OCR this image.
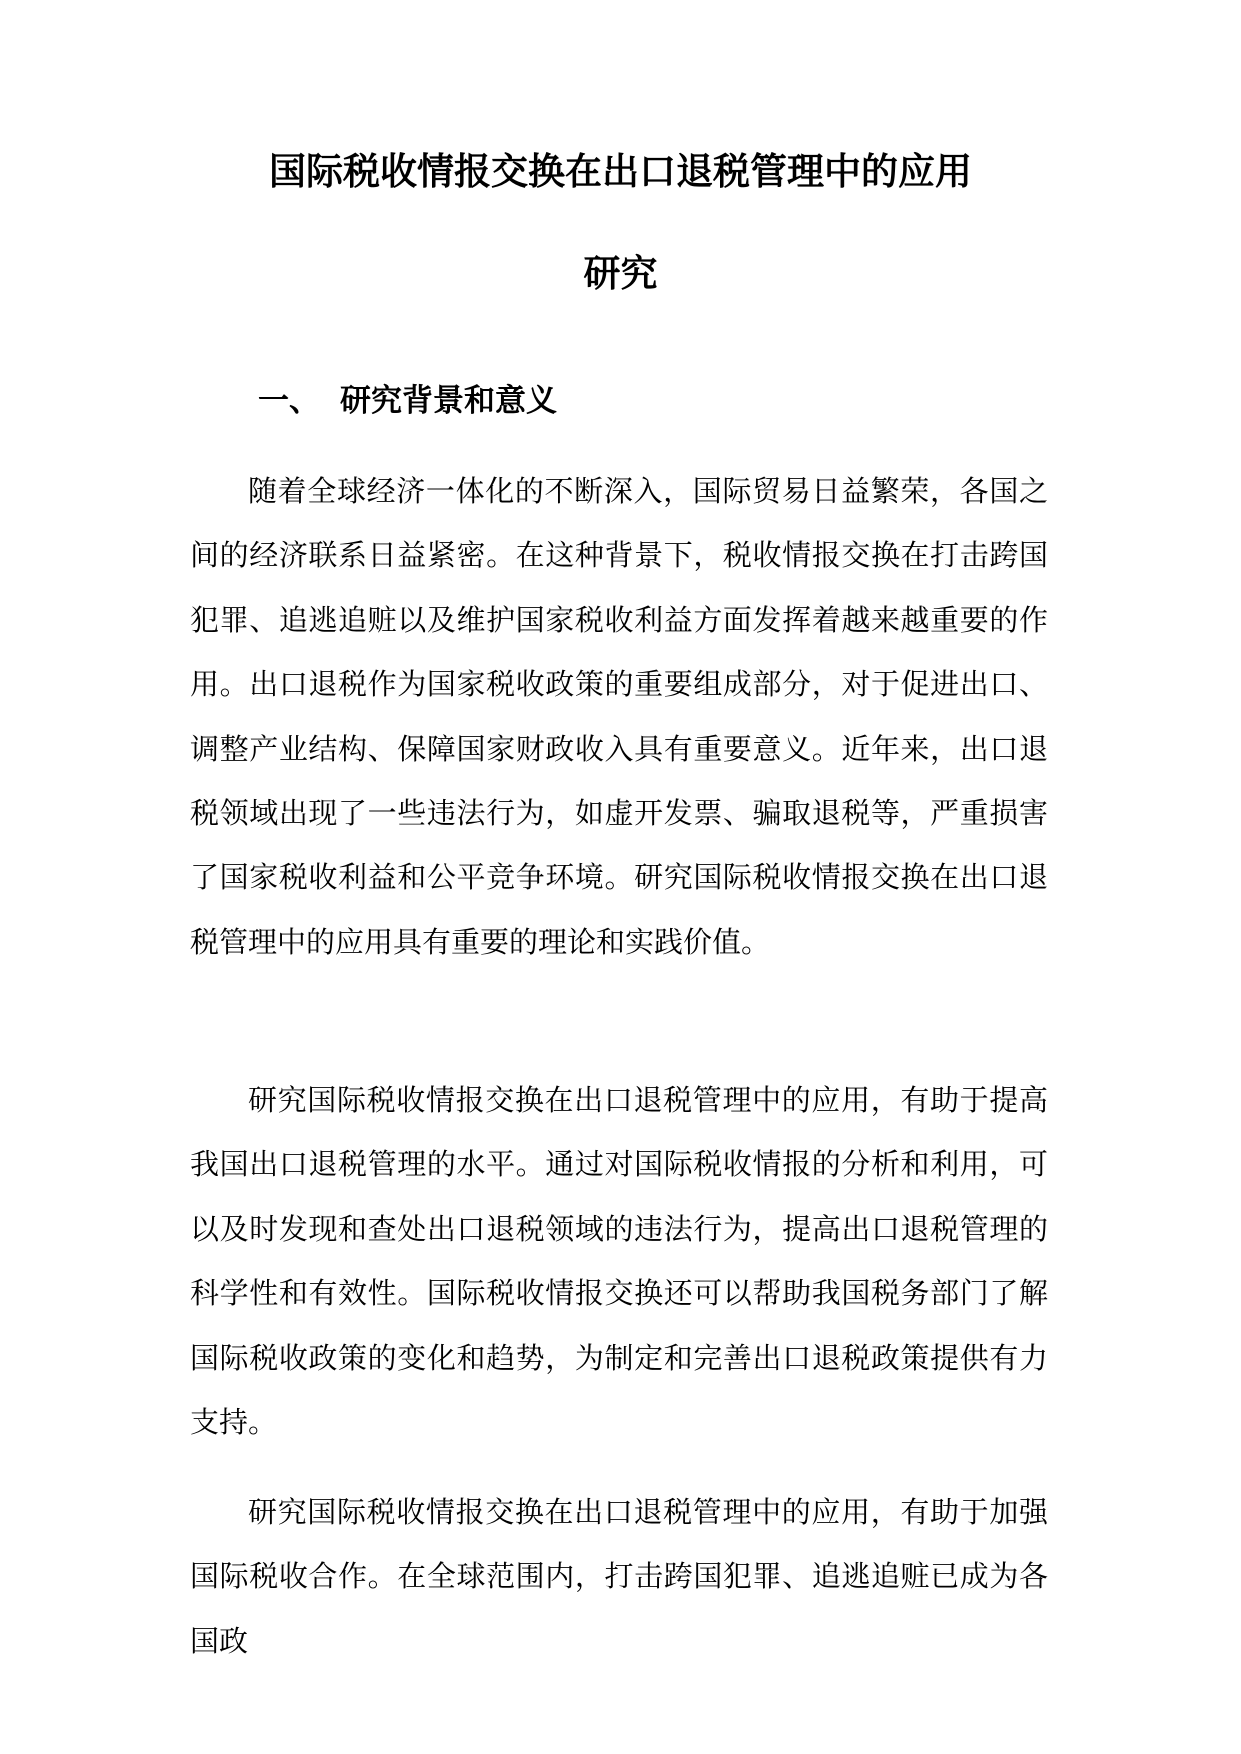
国际税收情报交换在出口退税管理中的应用
研究
一、 研究背景和意义

随着全球经济一体化的不断深入，国际贸易日益繁荣，各国之间的经济联系日益紧密。在这种背景下，税收情报交换在打击跨国犯罪、追逃追赃以及维护国家税收利益方面发挥着越来越重要的作用。出口退税作为国家税收政策的重要组成部分，对于促进出口、调整产业结构、保障国家财政收入具有重要意义。近年来，出口退税领域出现了一些违法行为，如虚开发票、骗取退税等，严重损害了国家税收利益和公平竞争环境。研究国际税收情报交换在出口退税管理中的应用具有重要的理论和实践价值。

研究国际税收情报交换在出口退税管理中的应用，有助于提高我国出口退税管理的水平。通过对国际税收情报的分析和利用，可以及时发现和查处出口退税领域的违法行为，提高出口退税管理的科学性和有效性。国际税收情报交换还可以帮助我国税务部门了解国际税收政策的变化和趋势，为制定和完善出口退税政策提供有力支持。

研究国际税收情报交换在出口退税管理中的应用，有助于加强国际税收合作。在全球范围内，打击跨国犯罪、追逃追赃已成为各国政
